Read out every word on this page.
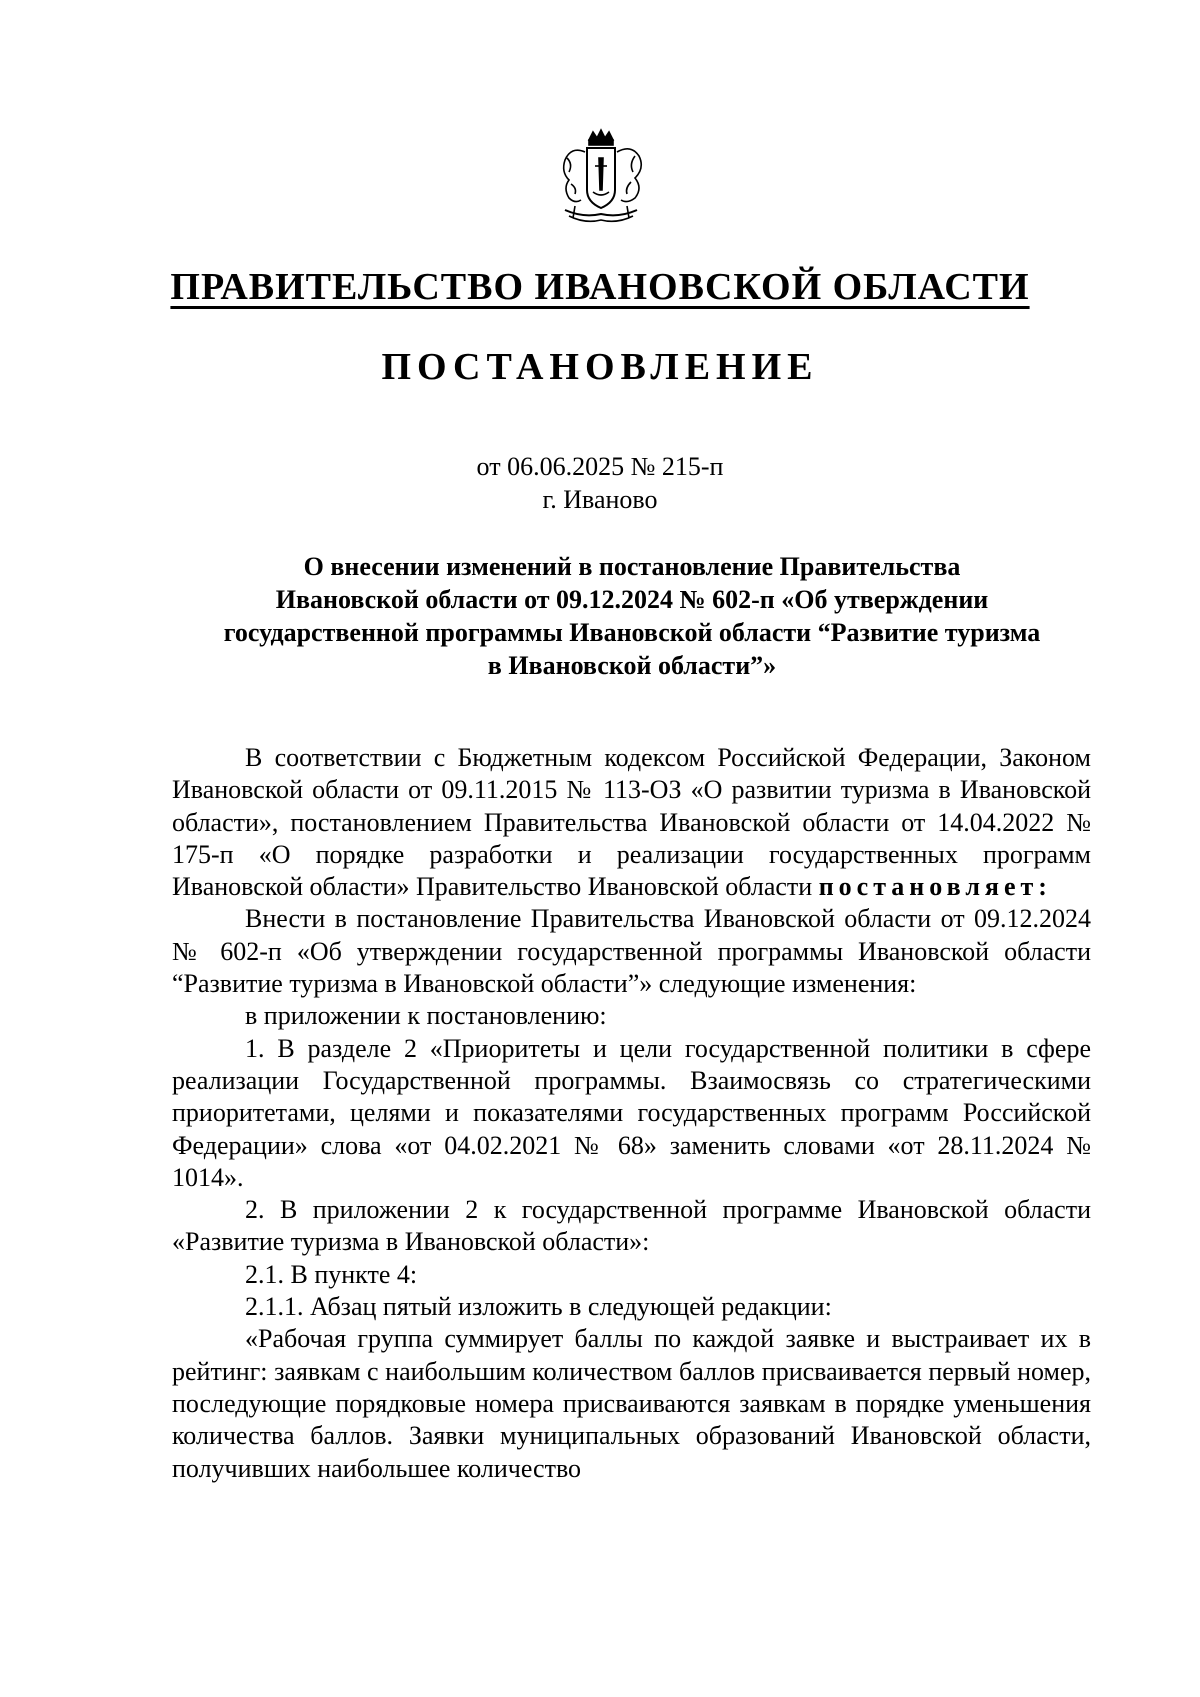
ПРАВИТЕЛЬСТВО ИВАНОВСКОЙ ОБЛАСТИ
ПОСТАНОВЛЕНИЕ
от 06.06.2025 № 215-п
г. Иваново
О внесении изменений в постановление Правительства
Ивановской области от 09.12.2024 № 602-п «Об утверждении
государственной программы Ивановской области “Развитие туризма
в Ивановской области”»

В соответствии с Бюджетным кодексом Российской Федерации, Законом Ивановской области от 09.11.2015 № 113-ОЗ «О развитии туризма в Ивановской области», постановлением Правительства Ивановской области от 14.04.2022 № 175-п «О порядке разработки и реализации государственных программ Ивановской области» Правительство Ивановской области постановляет:

Внести в постановление Правительства Ивановской области от 09.12.2024 № 602-п «Об утверждении государственной программы Ивановской области “Развитие туризма в Ивановской области”» следующие изменения:

в приложении к постановлению:

1. В разделе 2 «Приоритеты и цели государственной политики в сфере реализации Государственной программы. Взаимосвязь со стратегическими приоритетами, целями и показателями государственных программ Российской Федерации» слова «от 04.02.2021 № 68» заменить словами «от 28.11.2024 № 1014».

2. В приложении 2 к государственной программе Ивановской области «Развитие туризма в Ивановской области»:

2.1. В пункте 4:

2.1.1. Абзац пятый изложить в следующей редакции:

«Рабочая группа суммирует баллы по каждой заявке и выстраивает их в рейтинг: заявкам с наибольшим количеством баллов присваивается первый номер, последующие порядковые номера присваиваются заявкам в порядке уменьшения количества баллов. Заявки муниципальных образований Ивановской области, получивших наибольшее количество
